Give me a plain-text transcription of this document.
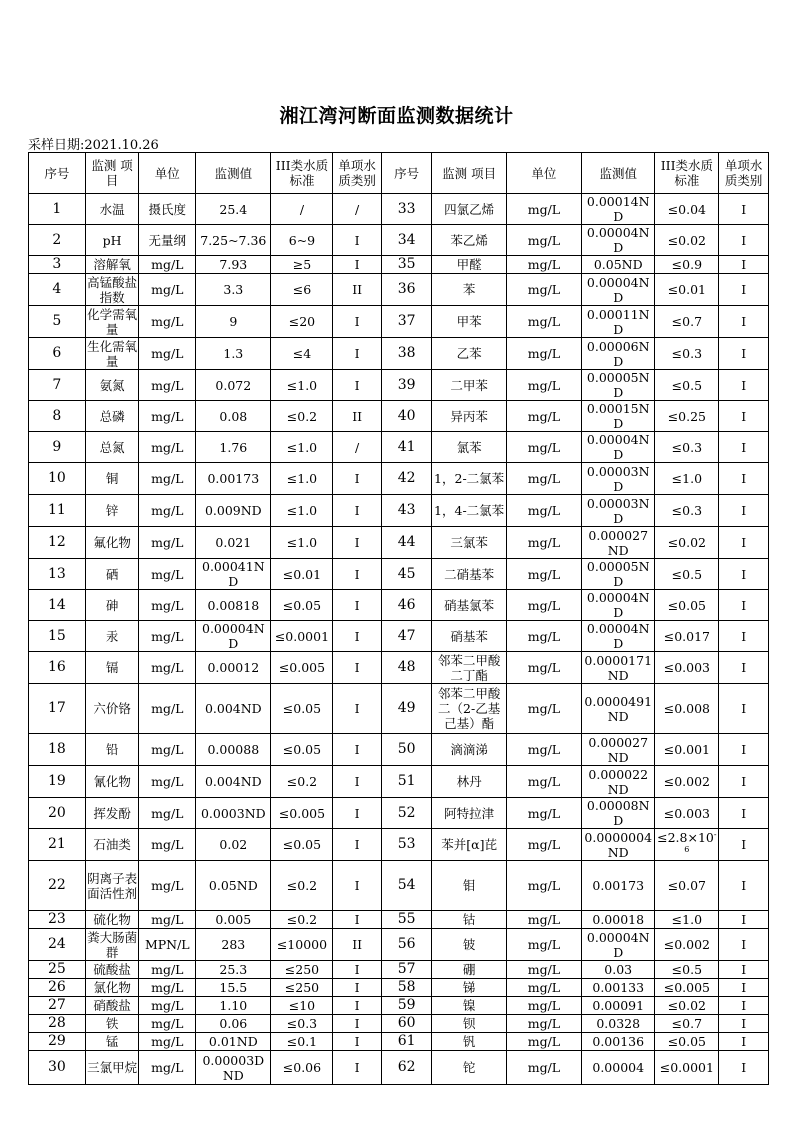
湘江湾河断面监测数据统计
采样日期:2021.10.26
序号	监测 项目	单位	监测值	III类水质标准	单项水质类别	序号	监测 项目	单位	监测值	III类水质标准	单项水质类别
1	水温	摄氏度	25.4	/	/	33	四氯乙烯	mg/L	0.00014ND	≤0.04	I
2	pH	无量纲	7.25~7.36	6~9	I	34	苯乙烯	mg/L	0.00004ND	≤0.02	I
3	溶解氧	mg/L	7.93	≥5	I	35	甲醛	mg/L	0.05ND	≤0.9	I
4	高锰酸盐指数	mg/L	3.3	≤6	II	36	苯	mg/L	0.00004ND	≤0.01	I
5	化学需氧量	mg/L	9	≤20	I	37	甲苯	mg/L	0.00011ND	≤0.7	I
6	生化需氧量	mg/L	1.3	≤4	I	38	乙苯	mg/L	0.00006ND	≤0.3	I
7	氨氮	mg/L	0.072	≤1.0	I	39	二甲苯	mg/L	0.00005ND	≤0.5	I
8	总磷	mg/L	0.08	≤0.2	II	40	异丙苯	mg/L	0.00015ND	≤0.25	I
9	总氮	mg/L	1.76	≤1.0	/	41	氯苯	mg/L	0.00004ND	≤0.3	I
10	铜	mg/L	0.00173	≤1.0	I	42	1，2-二氯苯	mg/L	0.00003ND	≤1.0	I
11	锌	mg/L	0.009ND	≤1.0	I	43	1，4-二氯苯	mg/L	0.00003ND	≤0.3	I
12	氟化物	mg/L	0.021	≤1.0	I	44	三氯苯	mg/L	0.000027ND	≤0.02	I
13	硒	mg/L	0.00041ND	≤0.01	I	45	二硝基苯	mg/L	0.00005ND	≤0.5	I
14	砷	mg/L	0.00818	≤0.05	I	46	硝基氯苯	mg/L	0.00004ND	≤0.05	I
15	汞	mg/L	0.00004ND	≤0.0001	I	47	硝基苯	mg/L	0.00004ND	≤0.017	I
16	镉	mg/L	0.00012	≤0.005	I	48	邻苯二甲酸二丁酯	mg/L	0.0000171ND	≤0.003	I
17	六价铬	mg/L	0.004ND	≤0.05	I	49	邻苯二甲酸二（2-乙基己基）酯	mg/L	0.0000491ND	≤0.008	I
18	铅	mg/L	0.00088	≤0.05	I	50	滴滴涕	mg/L	0.000027ND	≤0.001	I
19	氰化物	mg/L	0.004ND	≤0.2	I	51	林丹	mg/L	0.000022ND	≤0.002	I
20	挥发酚	mg/L	0.0003ND	≤0.005	I	52	阿特拉津	mg/L	0.00008ND	≤0.003	I
21	石油类	mg/L	0.02	≤0.05	I	53	苯并[α]芘	mg/L	0.0000004ND	$\le 2.8\times 10^{-6}$	I
22	阴离子表面活性剂	mg/L	0.05ND	≤0.2	I	54	钼	mg/L	0.00173	≤0.07	I
23	硫化物	mg/L	0.005	≤0.2	I	55	钴	mg/L	0.00018	≤1.0	I
24	粪大肠菌群	MPN/L	283	≤10000	II	56	铍	mg/L	0.00004ND	≤0.002	I
25	硫酸盐	mg/L	25.3	≤250	I	57	硼	mg/L	0.03	≤0.5	I
26	氯化物	mg/L	15.5	≤250	I	58	锑	mg/L	0.00133	≤0.005	I
27	硝酸盐	mg/L	1.10	≤10	I	59	镍	mg/L	0.00091	≤0.02	I
28	铁	mg/L	0.06	≤0.3	I	60	钡	mg/L	0.0328	≤0.7	I
29	锰	mg/L	0.01ND	≤0.1	I	61	钒	mg/L	0.00136	≤0.05	I
30	三氯甲烷	mg/L	0.00003DND	≤0.06	I	62	铊	mg/L	0.00004	≤0.0001	I
